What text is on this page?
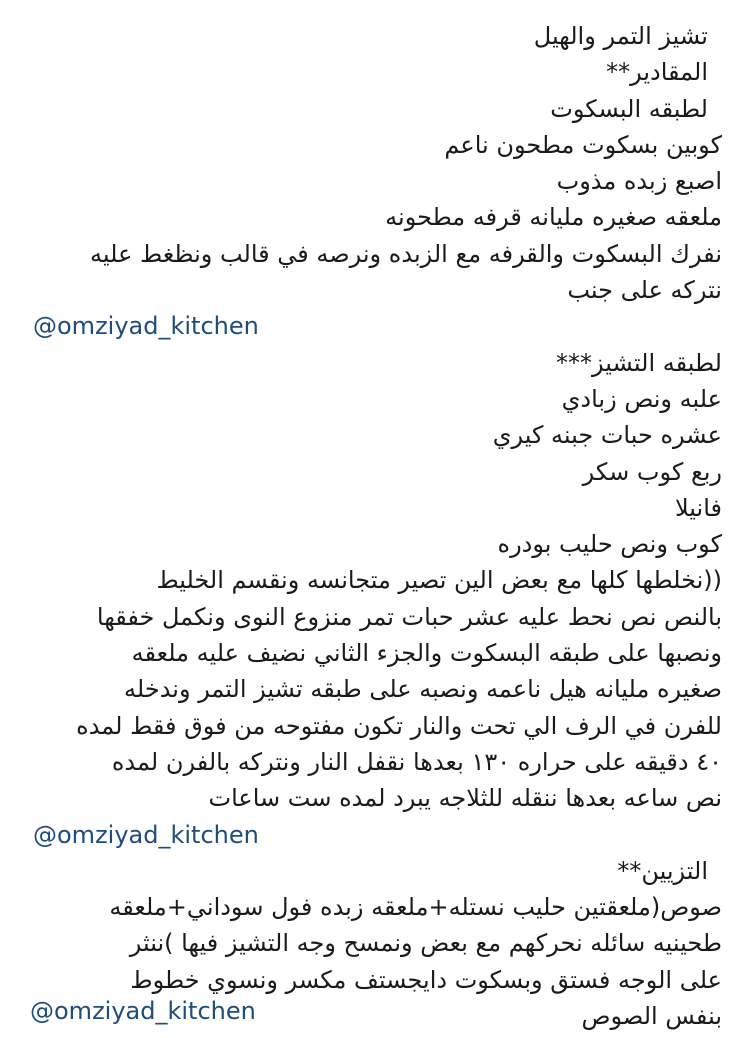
تشيز التمر والهيل
المقادير**
لطبقه البسكوت
كوبين بسكوت مطحون ناعم
اصبع زبده مذوب
ملعقه صغيره مليانه قرفه مطحونه
نفرك البسكوت والقرفه مع الزبده ونرصه في قالب ونظغط عليه
نتركه على جنب
@omziyad_kitchen
لطبقه التشيز***
علبه ونص زبادي
عشره حبات جبنه كيري
ربع كوب سكر
فانيلا
كوب ونص حليب بودره
((نخلطها كلها مع بعض الين تصير متجانسه ونقسم الخليط
بالنص نص نحط عليه عشر حبات تمر منزوع النوى ونكمل خفقها
ونصبها على طبقه البسكوت والجزء الثاني نضيف عليه ملعقه
صغيره مليانه هيل ناعمه ونصبه على طبقه تشيز التمر وندخله
للفرن في الرف الي تحت والنار تكون مفتوحه من فوق فقط لمده
٤٠ دقيقه على حراره ١٣٠ بعدها نقفل النار ونتركه بالفرن لمده
نص ساعه بعدها ننقله للثلاجه يبرد لمده ست ساعات
@omziyad_kitchen
التزيين**
صوص(ملعقتين حليب نستله+ملعقه زبده فول سوداني+ملعقه
طحينيه سائله نحركهم مع بعض ونمسح وجه التشيز فيها )ننثر
على الوجه فستق وبسكوت دايجستف مكسر ونسوي خطوط
بنفس الصوص
@omziyad_kitchen
